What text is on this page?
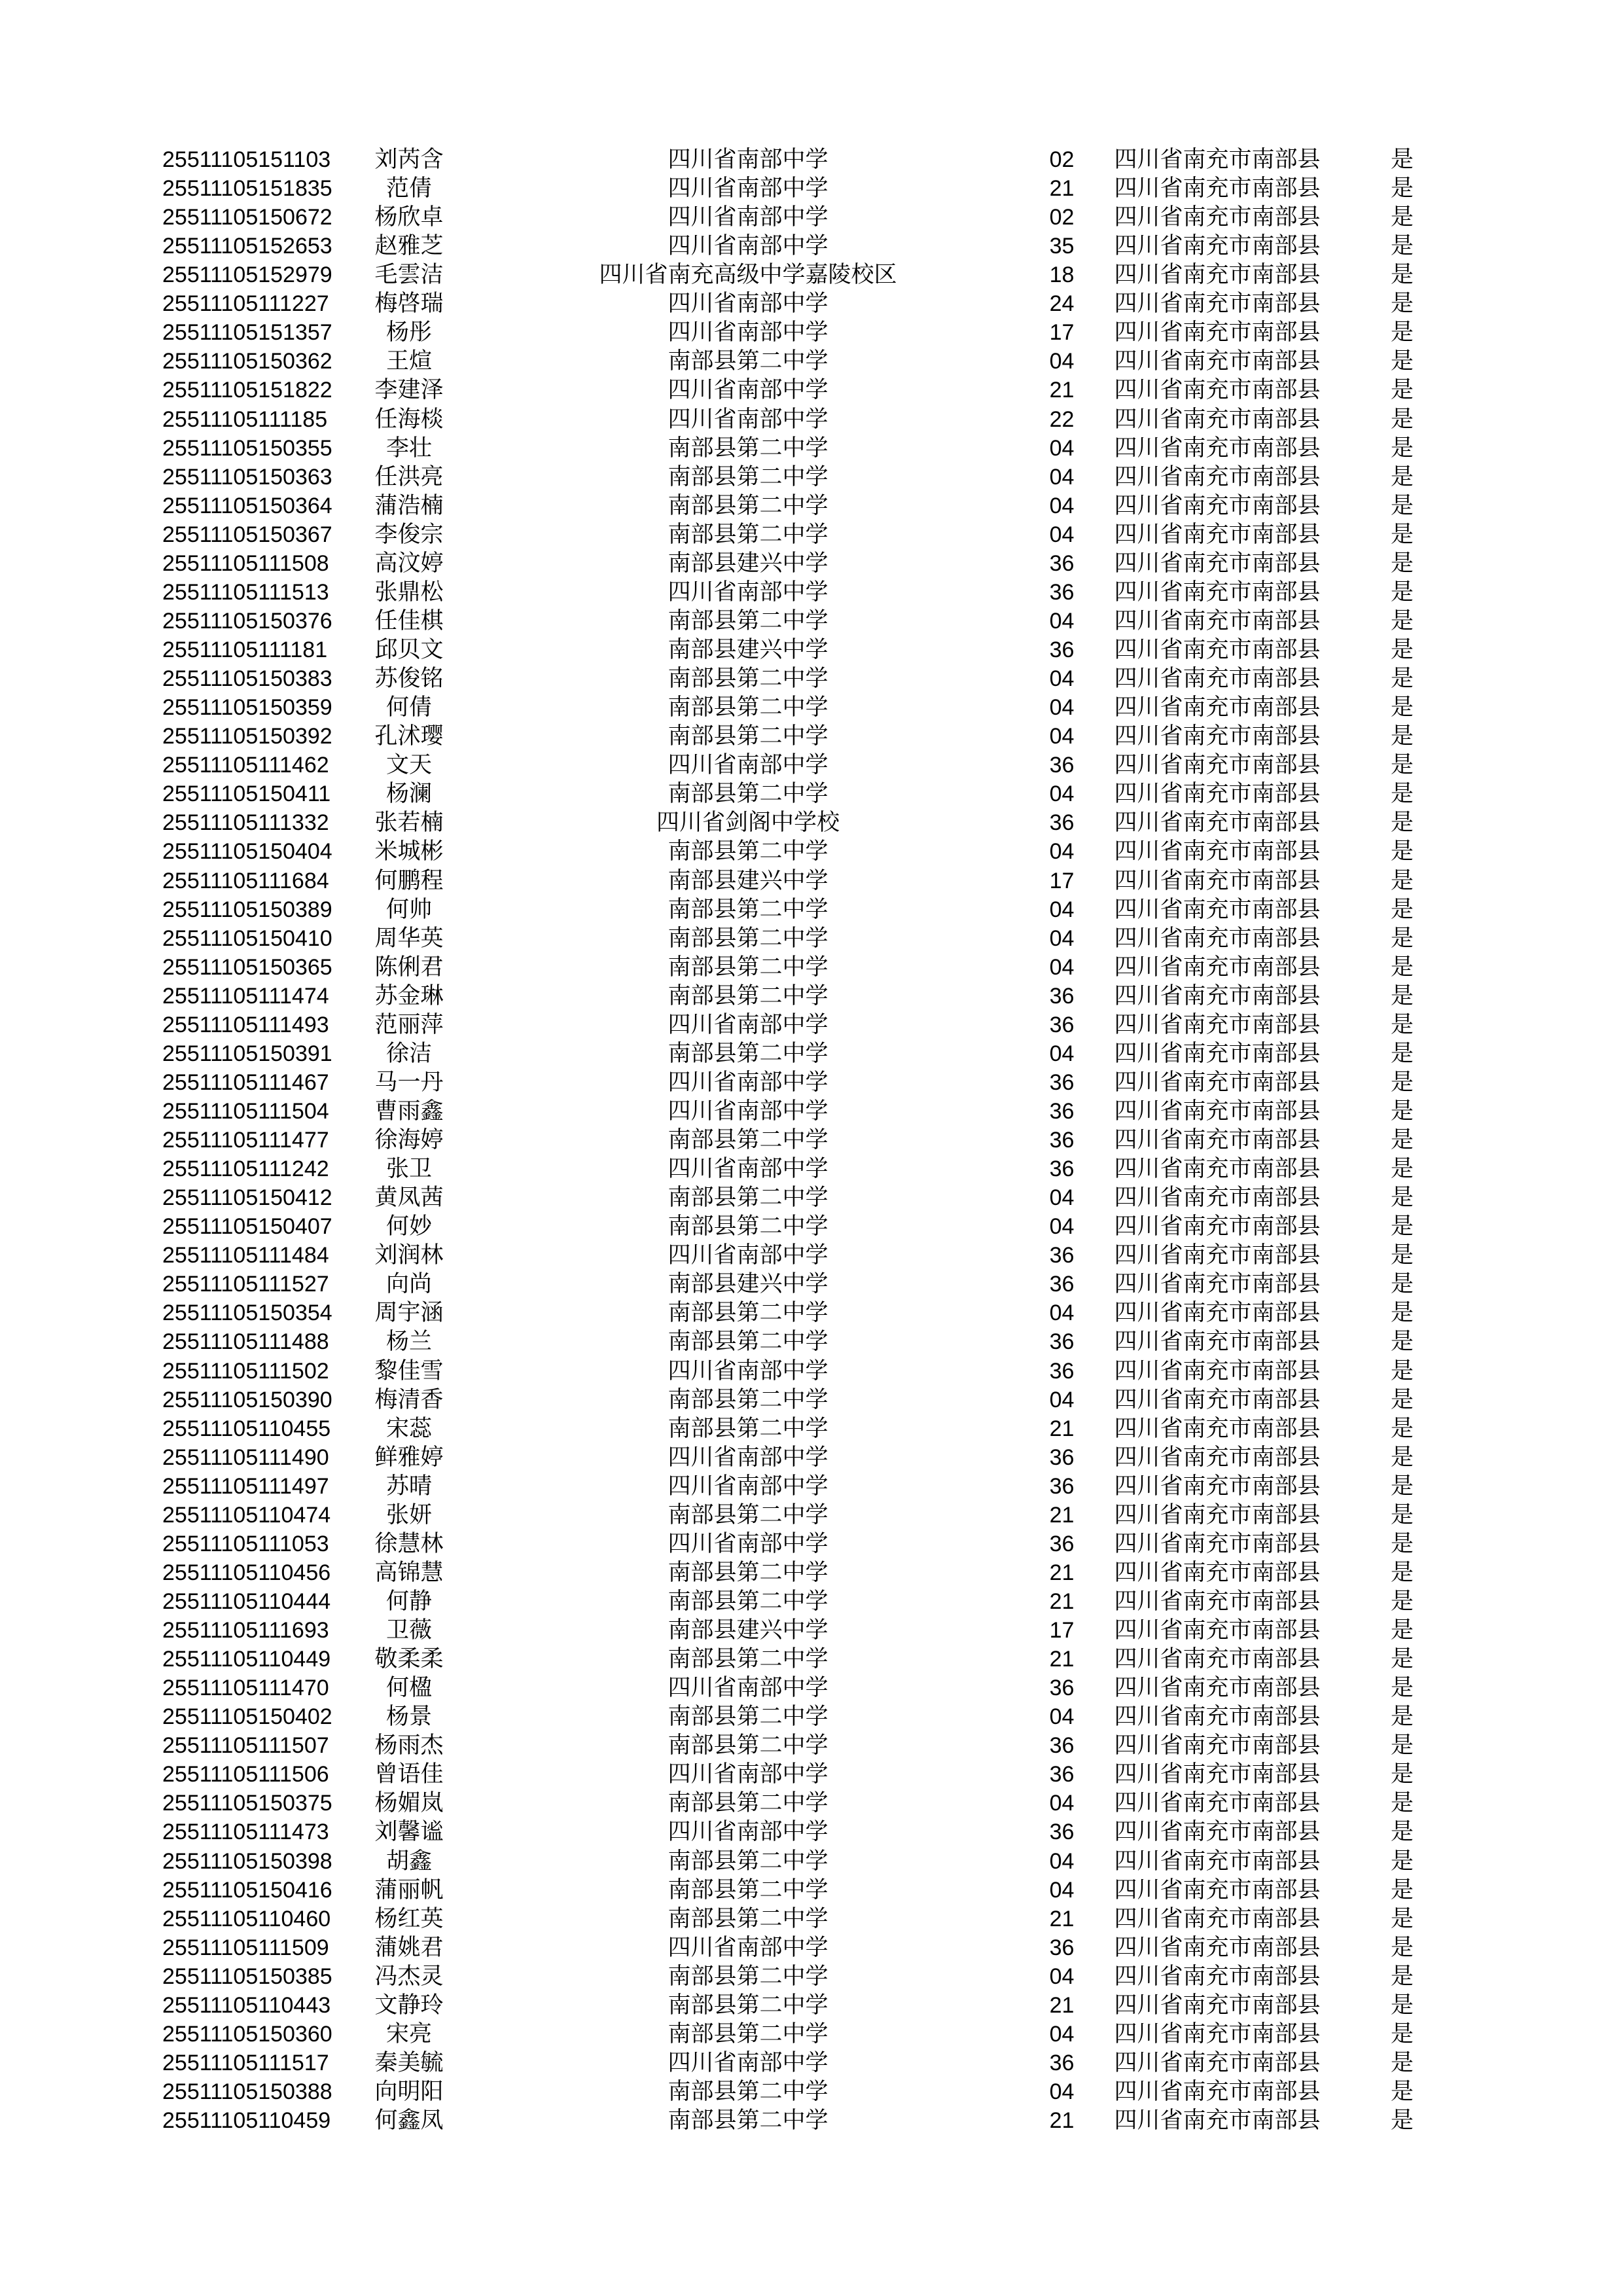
25511105151103	刘芮含	四川省南部中学	02	四川省南充市南部县	是
25511105151835	范倩	四川省南部中学	21	四川省南充市南部县	是
25511105150672	杨欣卓	四川省南部中学	02	四川省南充市南部县	是
25511105152653	赵雅芝	四川省南部中学	35	四川省南充市南部县	是
25511105152979	毛雲洁	四川省南充高级中学嘉陵校区	18	四川省南充市南部县	是
25511105111227	梅啓瑞	四川省南部中学	24	四川省南充市南部县	是
25511105151357	杨彤	四川省南部中学	17	四川省南充市南部县	是
25511105150362	王煊	南部县第二中学	04	四川省南充市南部县	是
25511105151822	李建泽	四川省南部中学	21	四川省南充市南部县	是
25511105111185	任海棪	四川省南部中学	22	四川省南充市南部县	是
25511105150355	李壮	南部县第二中学	04	四川省南充市南部县	是
25511105150363	任洪亮	南部县第二中学	04	四川省南充市南部县	是
25511105150364	蒲浩楠	南部县第二中学	04	四川省南充市南部县	是
25511105150367	李俊宗	南部县第二中学	04	四川省南充市南部县	是
25511105111508	高汶婷	南部县建兴中学	36	四川省南充市南部县	是
25511105111513	张鼎松	四川省南部中学	36	四川省南充市南部县	是
25511105150376	任佳棋	南部县第二中学	04	四川省南充市南部县	是
25511105111181	邱贝文	南部县建兴中学	36	四川省南充市南部县	是
25511105150383	苏俊铭	南部县第二中学	04	四川省南充市南部县	是
25511105150359	何倩	南部县第二中学	04	四川省南充市南部县	是
25511105150392	孔沭璎	南部县第二中学	04	四川省南充市南部县	是
25511105111462	文天	四川省南部中学	36	四川省南充市南部县	是
25511105150411	杨澜	南部县第二中学	04	四川省南充市南部县	是
25511105111332	张若楠	四川省剑阁中学校	36	四川省南充市南部县	是
25511105150404	米城彬	南部县第二中学	04	四川省南充市南部县	是
25511105111684	何鹏程	南部县建兴中学	17	四川省南充市南部县	是
25511105150389	何帅	南部县第二中学	04	四川省南充市南部县	是
25511105150410	周华英	南部县第二中学	04	四川省南充市南部县	是
25511105150365	陈俐君	南部县第二中学	04	四川省南充市南部县	是
25511105111474	苏金琳	南部县第二中学	36	四川省南充市南部县	是
25511105111493	范丽萍	四川省南部中学	36	四川省南充市南部县	是
25511105150391	徐洁	南部县第二中学	04	四川省南充市南部县	是
25511105111467	马一丹	四川省南部中学	36	四川省南充市南部县	是
25511105111504	曹雨鑫	四川省南部中学	36	四川省南充市南部县	是
25511105111477	徐海婷	南部县第二中学	36	四川省南充市南部县	是
25511105111242	张卫	四川省南部中学	36	四川省南充市南部县	是
25511105150412	黄凤茜	南部县第二中学	04	四川省南充市南部县	是
25511105150407	何妙	南部县第二中学	04	四川省南充市南部县	是
25511105111484	刘润林	四川省南部中学	36	四川省南充市南部县	是
25511105111527	向尚	南部县建兴中学	36	四川省南充市南部县	是
25511105150354	周宇涵	南部县第二中学	04	四川省南充市南部县	是
25511105111488	杨兰	南部县第二中学	36	四川省南充市南部县	是
25511105111502	黎佳雪	四川省南部中学	36	四川省南充市南部县	是
25511105150390	梅清香	南部县第二中学	04	四川省南充市南部县	是
25511105110455	宋蕊	南部县第二中学	21	四川省南充市南部县	是
25511105111490	鲜雅婷	四川省南部中学	36	四川省南充市南部县	是
25511105111497	苏晴	四川省南部中学	36	四川省南充市南部县	是
25511105110474	张妍	南部县第二中学	21	四川省南充市南部县	是
25511105111053	徐慧林	四川省南部中学	36	四川省南充市南部县	是
25511105110456	高锦慧	南部县第二中学	21	四川省南充市南部县	是
25511105110444	何静	南部县第二中学	21	四川省南充市南部县	是
25511105111693	卫薇	南部县建兴中学	17	四川省南充市南部县	是
25511105110449	敬柔柔	南部县第二中学	21	四川省南充市南部县	是
25511105111470	何楹	四川省南部中学	36	四川省南充市南部县	是
25511105150402	杨景	南部县第二中学	04	四川省南充市南部县	是
25511105111507	杨雨杰	南部县第二中学	36	四川省南充市南部县	是
25511105111506	曾语佳	四川省南部中学	36	四川省南充市南部县	是
25511105150375	杨媚岚	南部县第二中学	04	四川省南充市南部县	是
25511105111473	刘馨谧	四川省南部中学	36	四川省南充市南部县	是
25511105150398	胡鑫	南部县第二中学	04	四川省南充市南部县	是
25511105150416	蒲丽帆	南部县第二中学	04	四川省南充市南部县	是
25511105110460	杨红英	南部县第二中学	21	四川省南充市南部县	是
25511105111509	蒲姚君	四川省南部中学	36	四川省南充市南部县	是
25511105150385	冯杰灵	南部县第二中学	04	四川省南充市南部县	是
25511105110443	文静玲	南部县第二中学	21	四川省南充市南部县	是
25511105150360	宋亮	南部县第二中学	04	四川省南充市南部县	是
25511105111517	秦美毓	四川省南部中学	36	四川省南充市南部县	是
25511105150388	向明阳	南部县第二中学	04	四川省南充市南部县	是
25511105110459	何鑫凤	南部县第二中学	21	四川省南充市南部县	是
